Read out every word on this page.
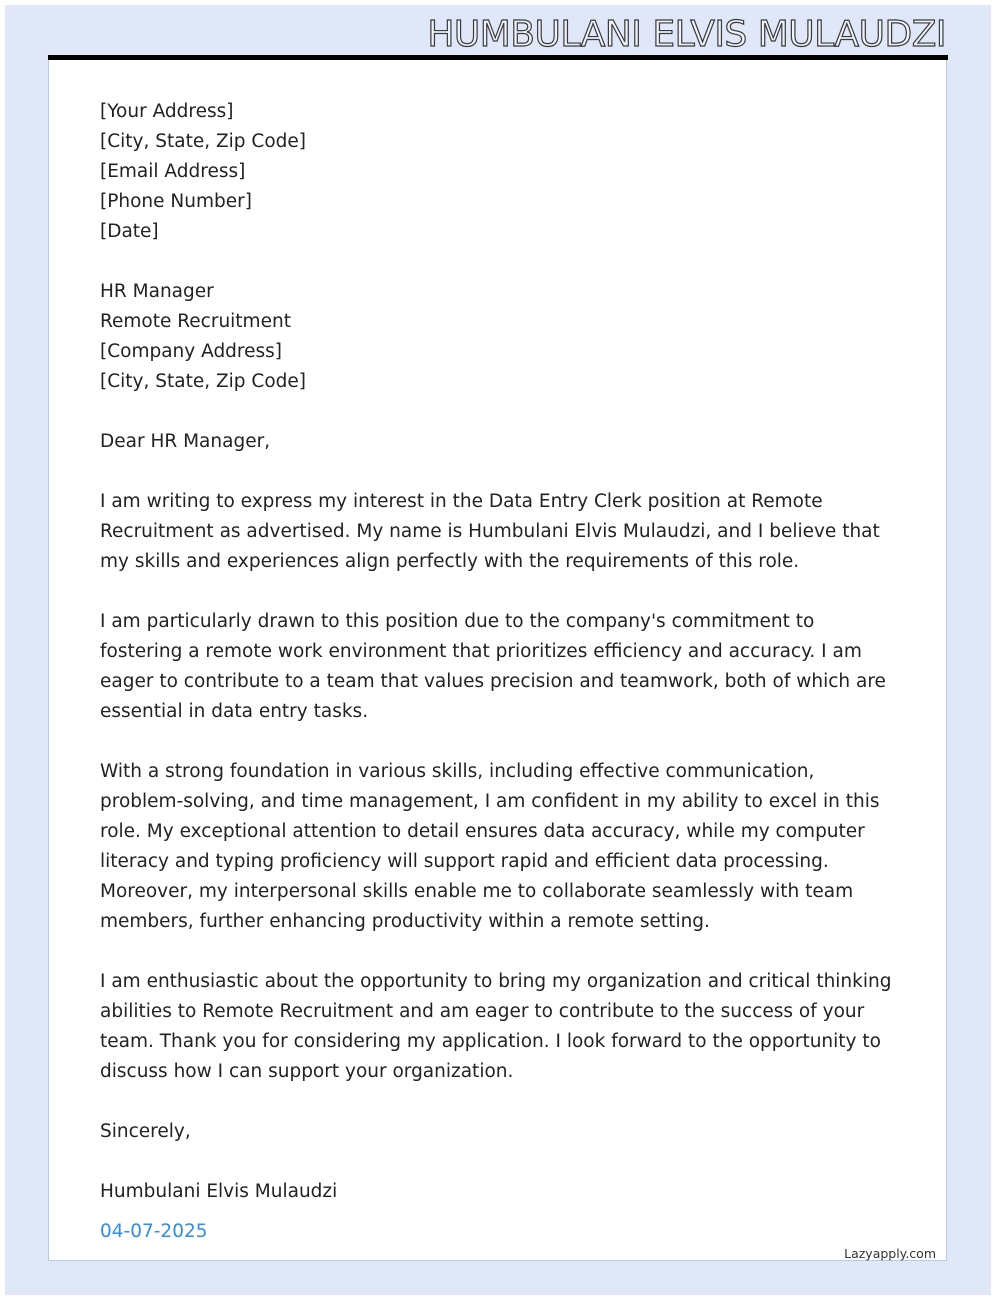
HUMBULANI ELVIS MULAUDZI
[Your Address]
[City, State, Zip Code]
[Email Address]
[Phone Number]
[Date]
HR Manager
Remote Recruitment
[Company Address]
[City, State, Zip Code]

Dear HR Manager,

I am writing to express my interest in the Data Entry Clerk position at Remote Recruitment as advertised. My name is Humbulani Elvis Mulaudzi, and I believe that my skills and experiences align perfectly with the requirements of this role.

I am particularly drawn to this position due to the company's commitment to fostering a remote work environment that prioritizes efficiency and accuracy. I am eager to contribute to a team that values precision and teamwork, both of which are essential in data entry tasks.

With a strong foundation in various skills, including effective communication, problem-solving, and time management, I am confident in my ability to excel in this role. My exceptional attention to detail ensures data accuracy, while my computer literacy and typing proficiency will support rapid and efficient data processing. Moreover, my interpersonal skills enable me to collaborate seamlessly with team members, further enhancing productivity within a remote setting.

I am enthusiastic about the opportunity to bring my organization and critical thinking abilities to Remote Recruitment and am eager to contribute to the success of your team. Thank you for considering my application. I look forward to the opportunity to discuss how I can support your organization.

Sincerely,

Humbulani Elvis Mulaudzi
04-07-2025
Lazyapply.com
